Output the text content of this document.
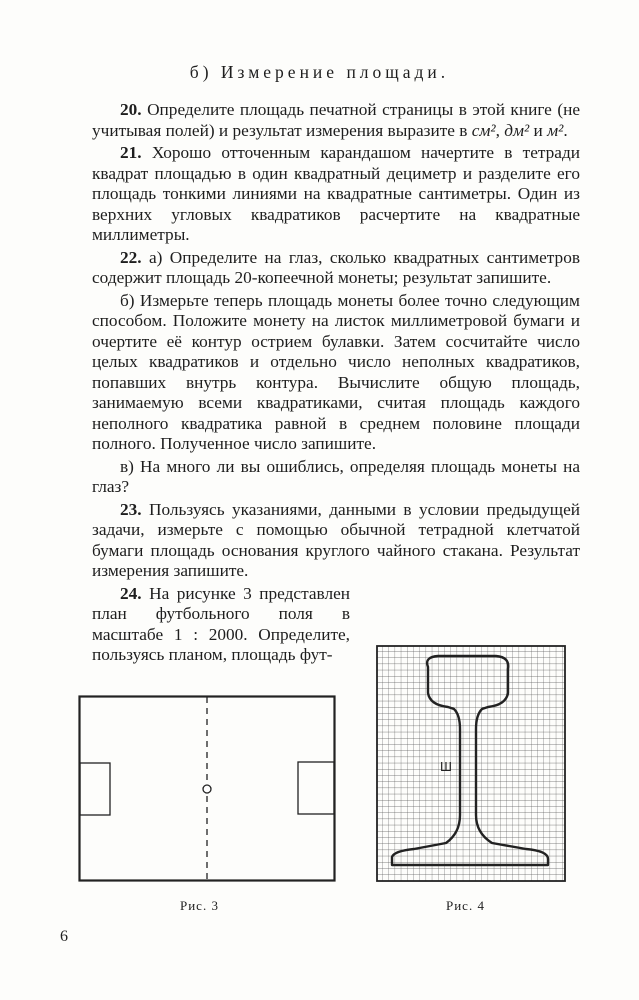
б) Измерение площади.

20. Определите площадь печатной страницы в этой книге (не учитывая полей) и результат измерения выразите в см², дм² и м².

21. Хорошо отточенным карандашом начертите в тетради квадрат площадью в один квадратный дециметр и разделите его площадь тонкими линиями на квадратные сантиметры. Один из верхних угловых квадратиков расчертите на квадратные миллиметры.

22. а) Определите на глаз, сколько квадратных сантиметров содержит площадь 20-копеечной монеты; результат запишите.

б) Измерьте теперь площадь монеты более точно следующим способом. Положите монету на листок миллиметровой бумаги и очертите её контур острием булавки. Затем сосчитайте число целых квадратиков и отдельно число неполных квадратиков, попавших внутрь контура. Вычислите общую площадь, занимаемую всеми квадратиками, считая площадь каждого неполного квадратика равной в среднем половине площади полного. Полученное число запишите.

в) На много ли вы ошиблись, определяя площадь монеты на глаз?

23. Пользуясь указаниями, данными в условии предыдущей задачи, измерьте с помощью обычной тетрадной клетчатой бумаги площадь основания круглого чайного стакана. Результат измерения запишите.

24. На рисунке 3 представлен план футбольного поля в масштабе 1 : 2000. Определите, пользуясь планом, площадь фут-

Рис. 3
Ш
Рис. 4
6
